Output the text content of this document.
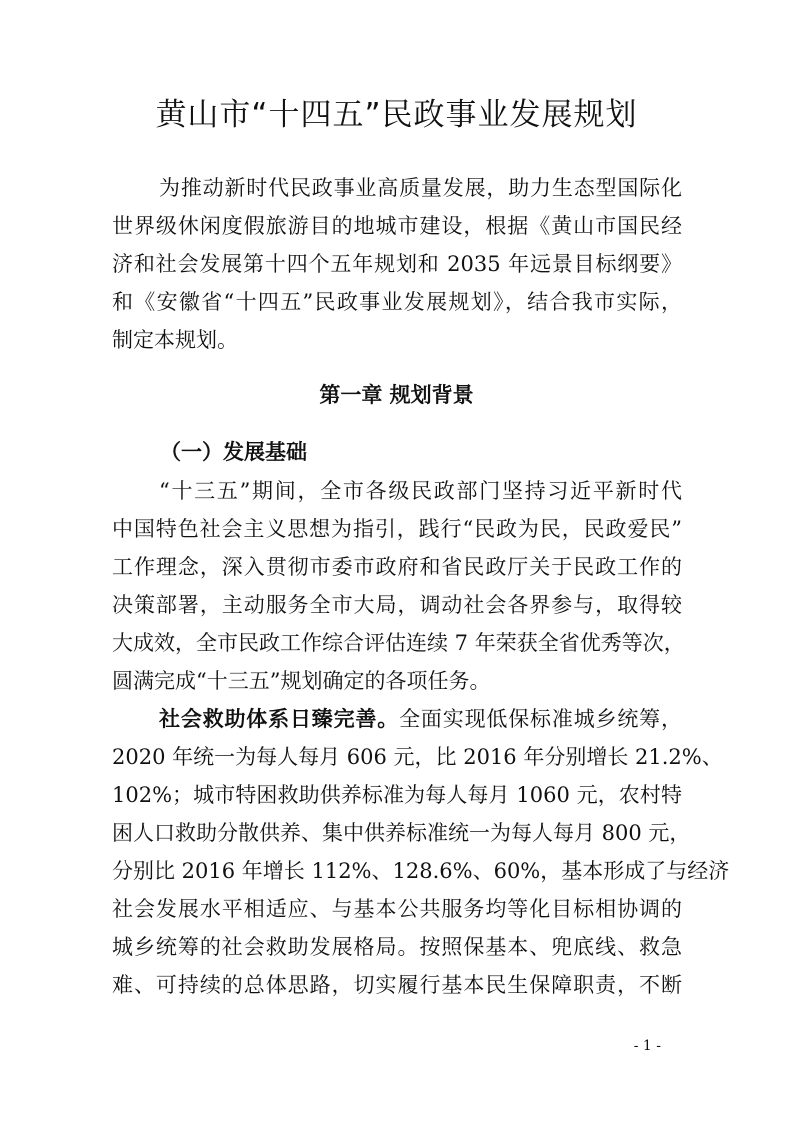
黄山市“十四五”民政事业发展规划

为推动新时代民政事业高质量发展，助力生态型国际化

世界级休闲度假旅游目的地城市建设，根据《黄山市国民经

济和社会发展第十四个五年规划和 2035 年远景目标纲要》

和《安徽省“十四五”民政事业发展规划》，结合我市实际，

制定本规划。

第一章 规划背景
（一）发展基础

“十三五”期间，全市各级民政部门坚持习近平新时代

中国特色社会主义思想为指引，践行“民政为民，民政爱民”

工作理念，深入贯彻市委市政府和省民政厅关于民政工作的

决策部署，主动服务全市大局，调动社会各界参与，取得较

大成效，全市民政工作综合评估连续 7 年荣获全省优秀等次，

圆满完成“十三五”规划确定的各项任务。

社会救助体系日臻完善。全面实现低保标准城乡统筹，

2020 年统一为每人每月 606 元，比 2016 年分别增长 21.2%、

102%；城市特困救助供养标准为每人每月 1060 元，农村特

困人口救助分散供养、集中供养标准统一为每人每月 800 元，

分别比 2016 年增长 112%、128.6%、60%，基本形成了与经济

社会发展水平相适应、与基本公共服务均等化目标相协调的

城乡统筹的社会救助发展格局。按照保基本、兜底线、救急

难、可持续的总体思路，切实履行基本民生保障职责，不断

- 1 -
